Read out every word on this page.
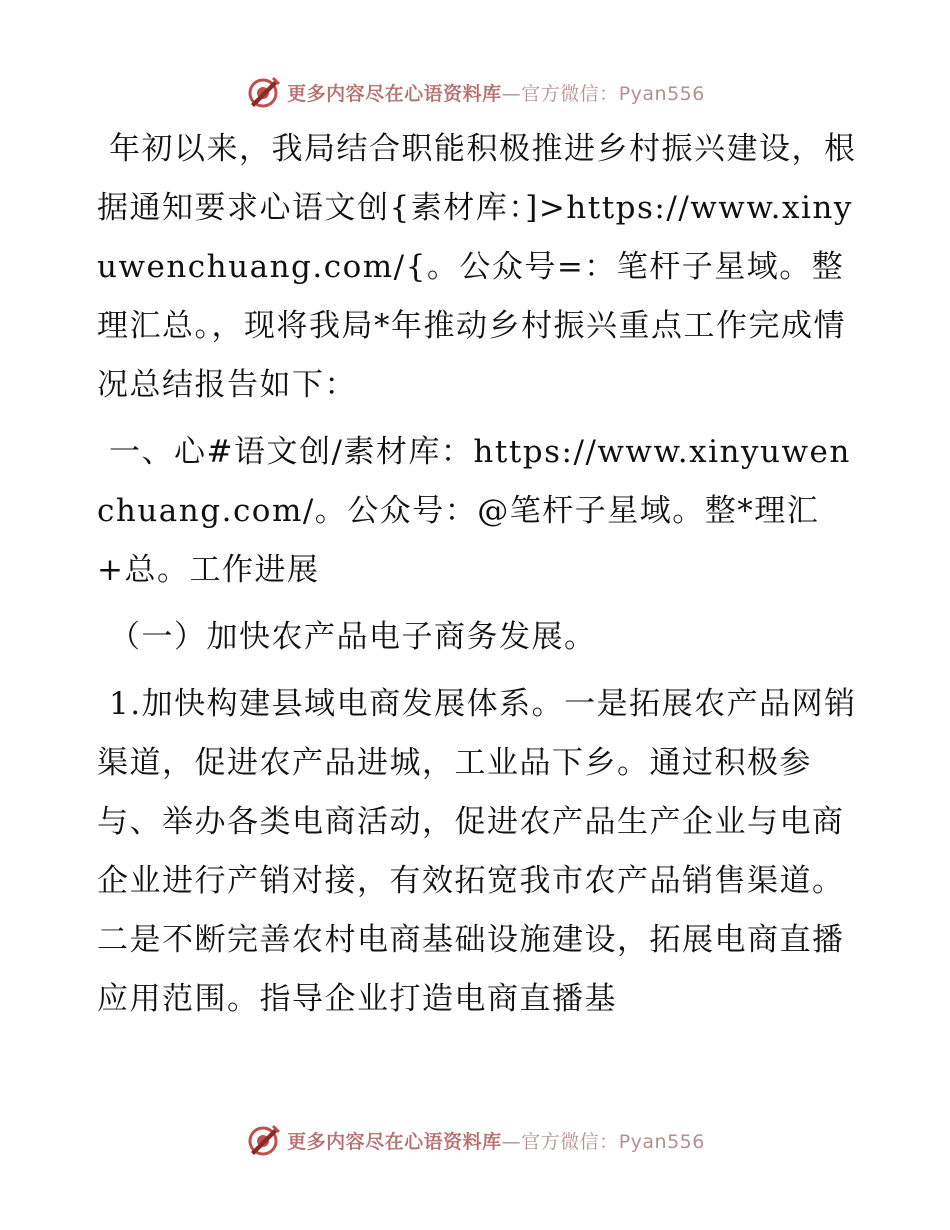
更多内容尽在心语资料库—官方微信：Pyan556

年初以来，我局结合职能积极推进乡村振兴建设，根据通知要求心语文创{素材库：]>https://www.xinyuwenchuang.com/{。公众号=：笔杆子星域。整理汇总。，现将我局*年推动乡村振兴重点工作完成情况总结报告如下：

一、心#语文创/素材库：https://www.xinyuwenchuang.com/。公众号：@笔杆子星域。整*理汇+总。工作进展

（一）加快农产品电子商务发展。

1.加快构建县域电商发展体系。一是拓展农产品网销渠道，促进农产品进城，工业品下乡。通过积极参与、举办各类电商活动，促进农产品生产企业与电商企业进行产销对接，有效拓宽我市农产品销售渠道。二是不断完善农村电商基础设施建设，拓展电商直播应用范围。指导企业打造电商直播基

更多内容尽在心语资料库—官方微信：Pyan556
